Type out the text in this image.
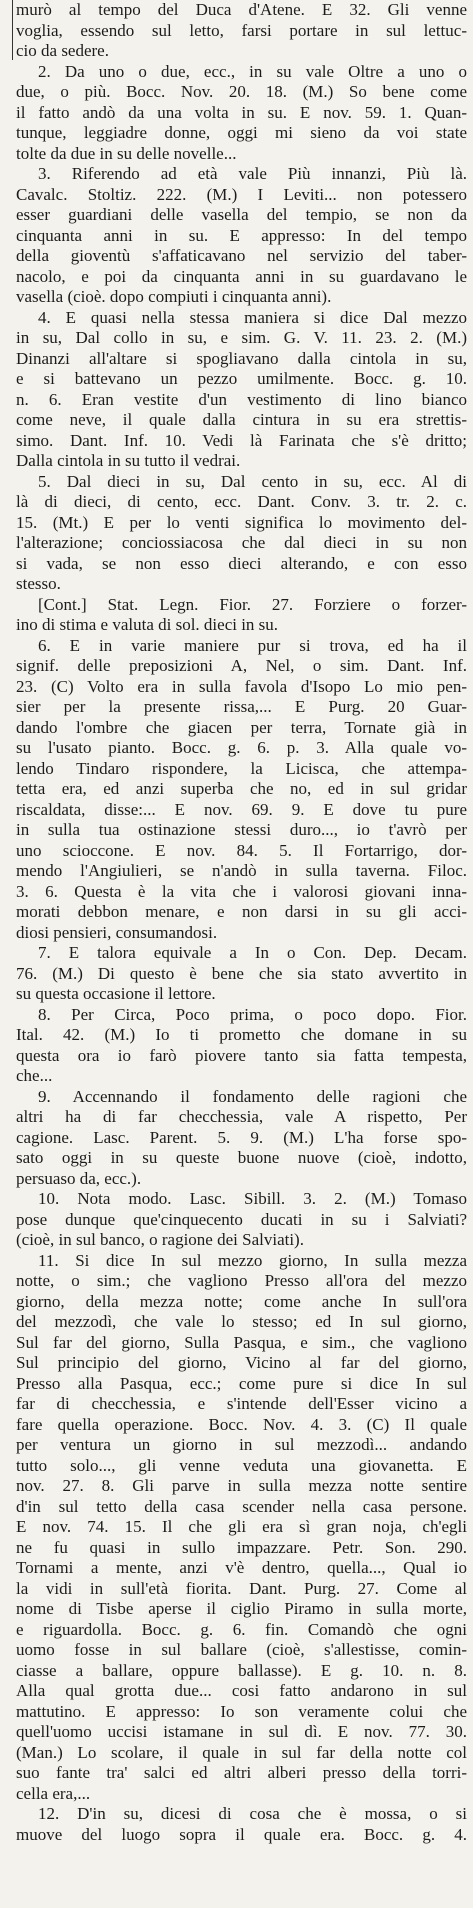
murò al tempo del Duca d'Atene. E 32. Gli venne
voglia, essendo sul letto, farsi portare in sul lettuc-
cio da sedere.
2. Da uno o due, ecc., in su vale Oltre a uno o
due, o più. Bocc. Nov. 20. 18. (M.) So bene come
il fatto andò da una volta in su. E nov. 59. 1. Quan-
tunque, leggiadre donne, oggi mi sieno da voi state
tolte da due in su delle novelle...
3. Riferendo ad età vale Più innanzi, Più là.
Cavalc. Stoltiz. 222. (M.) I Leviti... non potessero
esser guardiani delle vasella del tempio, se non da
cinquanta anni in su. E appresso: In del tempo
della gioventù s'affaticavano nel servizio del taber-
nacolo, e poi da cinquanta anni in su guardavano le
vasella (cioè. dopo compiuti i cinquanta anni).
4. E quasi nella stessa maniera si dice Dal mezzo
in su, Dal collo in su, e sim. G. V. 11. 23. 2. (M.)
Dinanzi all'altare si spogliavano dalla cintola in su,
e si battevano un pezzo umilmente. Bocc. g. 10.
n. 6. Eran vestite d'un vestimento di lino bianco
come neve, il quale dalla cintura in su era strettis-
simo. Dant. Inf. 10. Vedi là Farinata che s'è dritto;
Dalla cintola in su tutto il vedrai.
5. Dal dieci in su, Dal cento in su, ecc. Al di
là di dieci, di cento, ecc. Dant. Conv. 3. tr. 2. c.
15. (Mt.) E per lo venti significa lo movimento del-
l'alterazione; conciossiacosa che dal dieci in su non
si vada, se non esso dieci alterando, e con esso
stesso.
[Cont.] Stat. Legn. Fior. 27. Forziere o forzer-
ino di stima e valuta di sol. dieci in su.
6. E in varie maniere pur si trova, ed ha il
signif. delle preposizioni A, Nel, o sim. Dant. Inf.
23. (C) Volto era in sulla favola d'Isopo Lo mio pen-
sier per la presente rissa,... E Purg. 20 Guar-
dando l'ombre che giacen per terra, Tornate già in
su l'usato pianto. Bocc. g. 6. p. 3. Alla quale vo-
lendo Tindaro rispondere, la Licisca, che attempa-
tetta era, ed anzi superba che no, ed in sul gridar
riscaldata, disse:... E nov. 69. 9. E dove tu pure
in sulla tua ostinazione stessi duro..., io t'avrò per
uno scioccone. E nov. 84. 5. Il Fortarrigo, dor-
mendo l'Angiulieri, se n'andò in sulla taverna. Filoc.
3. 6. Questa è la vita che i valorosi giovani inna-
morati debbon menare, e non darsi in su gli acci-
diosi pensieri, consumandosi.
7. E talora equivale a In o Con. Dep. Decam.
76. (M.) Di questo è bene che sia stato avvertito in
su questa occasione il lettore.
8. Per Circa, Poco prima, o poco dopo. Fior.
Ital. 42. (M.) Io ti prometto che domane in su
questa ora io farò piovere tanto sia fatta tempesta,
che...
9. Accennando il fondamento delle ragioni che
altri ha di far checchessia, vale A rispetto, Per
cagione. Lasc. Parent. 5. 9. (M.) L'ha forse spo-
sato oggi in su queste buone nuove (cioè, indotto,
persuaso da, ecc.).
10. Nota modo. Lasc. Sibill. 3. 2. (M.) Tomaso
pose dunque que'cinquecento ducati in su i Salviati?
(cioè, in sul banco, o ragione dei Salviati).
11. Si dice In sul mezzo giorno, In sulla mezza
notte, o sim.; che vagliono Presso all'ora del mezzo
giorno, della mezza notte; come anche In sull'ora
del mezzodì, che vale lo stesso; ed In sul giorno,
Sul far del giorno, Sulla Pasqua, e sim., che vagliono
Sul principio del giorno, Vicino al far del giorno,
Presso alla Pasqua, ecc.; come pure si dice In sul
far di checchessia, e s'intende dell'Esser vicino a
fare quella operazione. Bocc. Nov. 4. 3. (C) Il quale
per ventura un giorno in sul mezzodì... andando
tutto solo..., gli venne veduta una giovanetta. E
nov. 27. 8. Gli parve in sulla mezza notte sentire
d'in sul tetto della casa scender nella casa persone.
E nov. 74. 15. Il che gli era sì gran noja, ch'egli
ne fu quasi in sullo impazzare. Petr. Son. 290.
Tornami a mente, anzi v'è dentro, quella..., Qual io
la vidi in sull'età fiorita. Dant. Purg. 27. Come al
nome di Tisbe aperse il ciglio Piramo in sulla morte,
e riguardolla. Bocc. g. 6. fin. Comandò che ogni
uomo fosse in sul ballare (cioè, s'allestisse, comin-
ciasse a ballare, oppure ballasse). E g. 10. n. 8.
Alla qual grotta due... cosi fatto andarono in sul
mattutino. E appresso: Io son veramente colui che
quell'uomo uccisi istamane in sul dì. E nov. 77. 30.
(Man.) Lo scolare, il quale in sul far della notte col
suo fante tra' salci ed altri alberi presso della torri-
cella era,...
12. D'in su, dicesi di cosa che è mossa, o si
muove del luogo sopra il quale era. Bocc. g. 4.
